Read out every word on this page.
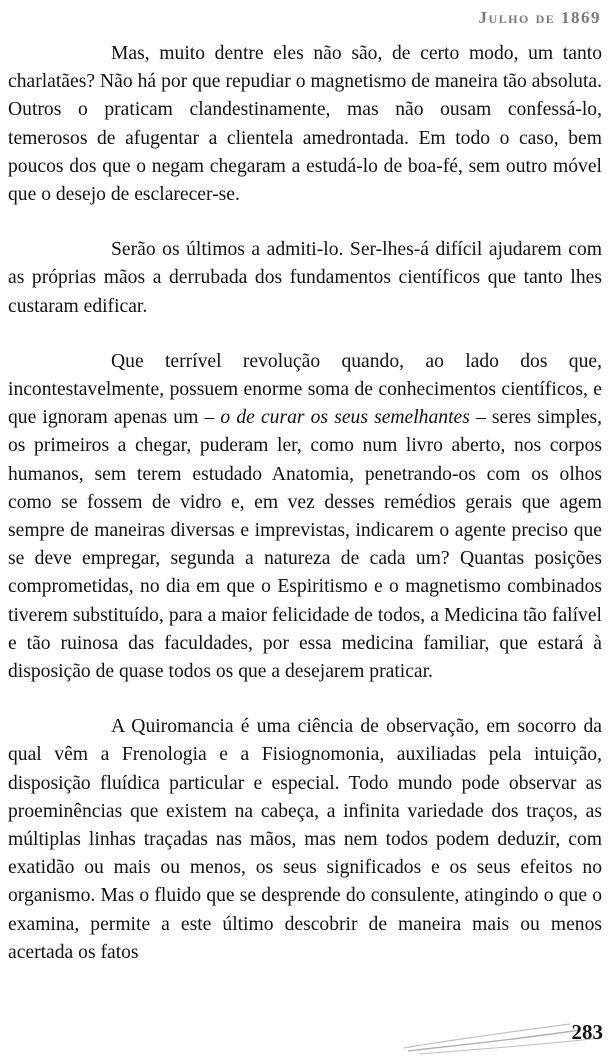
Julho de 1869

Mas, muito dentre eles não são, de certo modo, um tanto charlatães? Não há por que repudiar o magnetismo de maneira tão absoluta. Outros o praticam clandestinamente, mas não ousam confessá-lo, temerosos de afugentar a clientela amedrontada. Em todo o caso, bem poucos dos que o negam chegaram a estudá-lo de boa-fé, sem outro móvel que o desejo de esclarecer-se.

Serão os últimos a admiti-lo. Ser-lhes-á difícil ajudarem com as próprias mãos a derrubada dos fundamentos científicos que tanto lhes custaram edificar.

Que terrível revolução quando, ao lado dos que, incontestavelmente, possuem enorme soma de conhecimentos científicos, e que ignoram apenas um – o de curar os seus semelhantes – seres simples, os primeiros a chegar, puderam ler, como num livro aberto, nos corpos humanos, sem terem estudado Anatomia, penetrando-os com os olhos como se fossem de vidro e, em vez desses remédios gerais que agem sempre de maneiras diversas e imprevistas, indicarem o agente preciso que se deve empregar, segunda a natureza de cada um? Quantas posições comprometidas, no dia em que o Espiritismo e o magnetismo combinados tiverem substituído, para a maior felicidade de todos, a Medicina tão falível e tão ruinosa das faculdades, por essa medicina familiar, que estará à disposição de quase todos os que a desejarem praticar.

A Quiromancia é uma ciência de observação, em socorro da qual vêm a Frenologia e a Fisiognomonia, auxiliadas pela intuição, disposição fluídica particular e especial. Todo mundo pode observar as proeminências que existem na cabeça, a infinita variedade dos traços, as múltiplas linhas traçadas nas mãos, mas nem todos podem deduzir, com exatidão ou mais ou menos, os seus significados e os seus efeitos no organismo. Mas o fluido que se desprende do consulente, atingindo o que o examina, permite a este último descobrir de maneira mais ou menos acertada os fatos

283
